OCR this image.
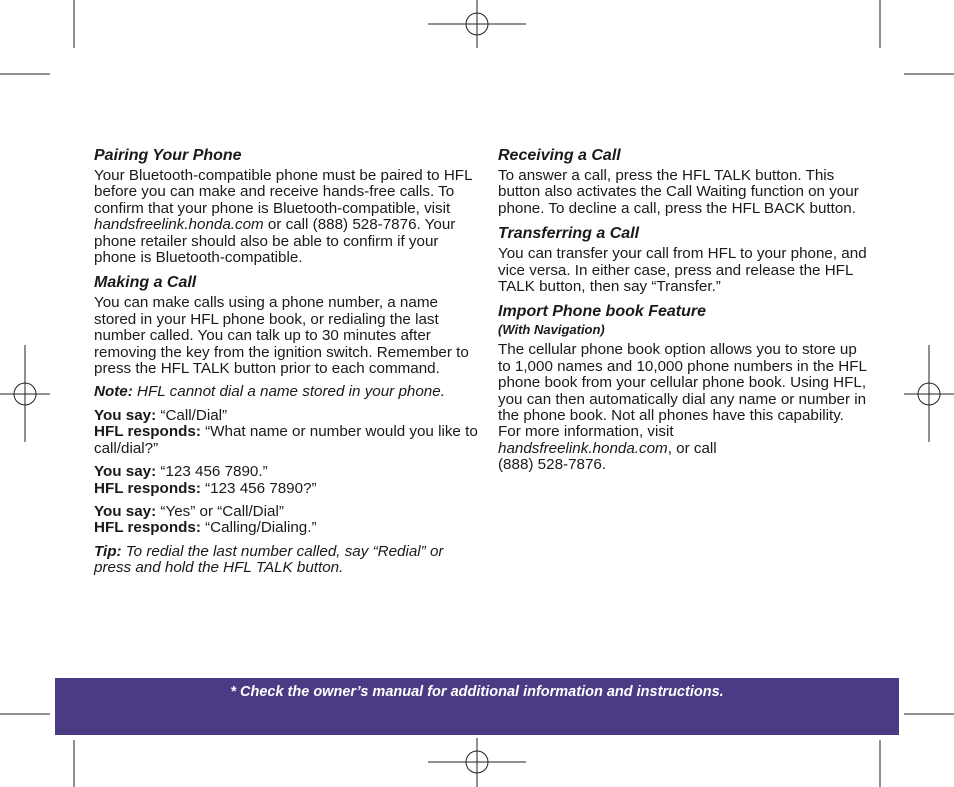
Pairing Your Phone

Your Bluetooth-compatible phone must be paired to HFL before you can make and receive hands-free calls. To confirm that your phone is Bluetooth-compatible, visit handsfreelink.honda.com or call (888) 528-7876. Your phone retailer should also be able to confirm if your phone is Bluetooth-compatible.

Making a Call

You can make calls using a phone number, a name stored in your HFL phone book, or redialing the last number called. You can talk up to 30 minutes after removing the key from the ignition switch. Remember to press the HFL TALK button prior to each command.

Note: HFL cannot dial a name stored in your phone.

You say: “Call/Dial”

HFL responds: “What name or number would you like to call/dial?”

You say: “123 456 7890.”

HFL responds: “123 456 7890?”

You say: “Yes” or “Call/Dial”

HFL responds: “Calling/Dialing.”

Tip: To redial the last number called, say “Redial” or press and hold the HFL TALK button.

Receiving a Call

To answer a call, press the HFL TALK button. This button also activates the Call Waiting function on your phone. To decline a call, press the HFL BACK button.

Transferring a Call

You can transfer your call from HFL to your phone, and vice versa. In either case, press and release the HFL TALK button, then say “Transfer.”

Import Phone book Feature
(With Navigation)

The cellular phone book option allows you to store up to 1,000 names and 10,000 phone numbers in the HFL phone book from your cellular phone book. Using HFL, you can then automatically dial any name or number in the phone book. Not all phones have this capability. For more information, visit
handsfreelink.honda.com, or call
(888) 528-7876.

* Check the owner’s manual for additional information and instructions.
